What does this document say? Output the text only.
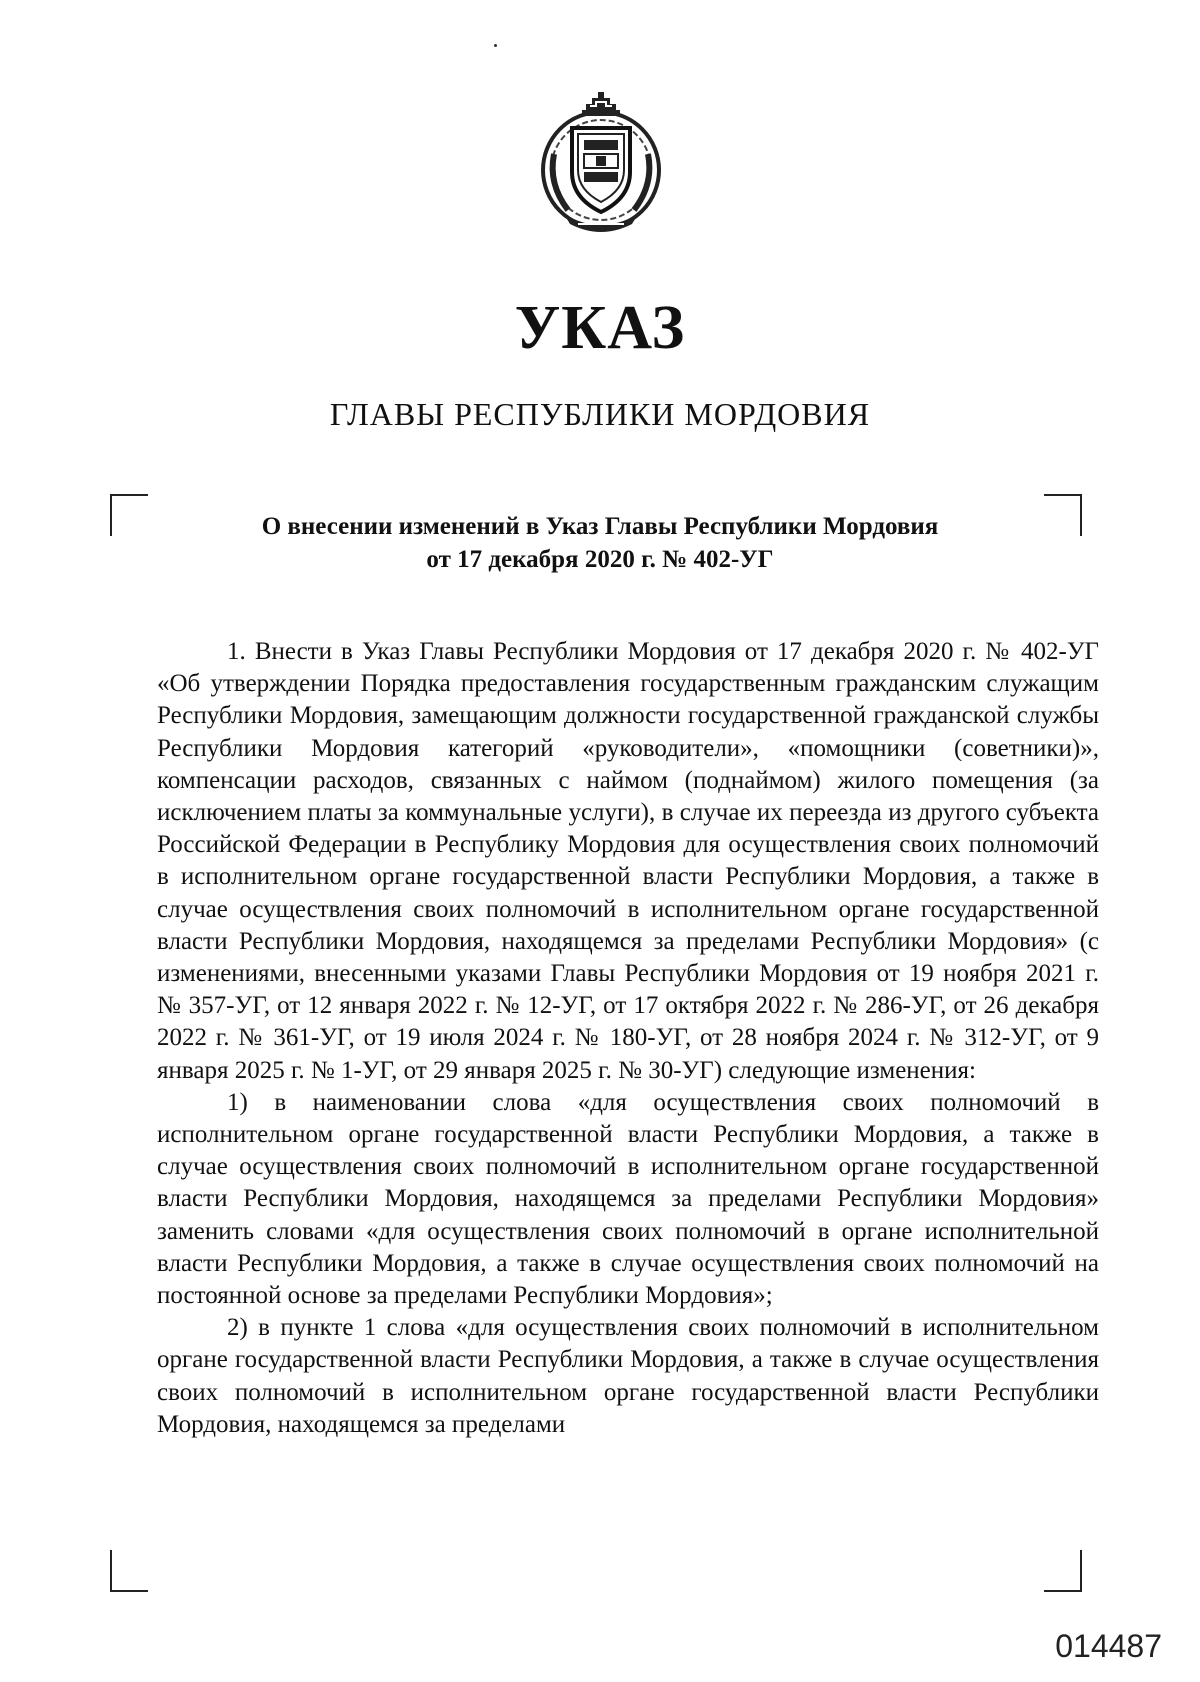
УКАЗ
ГЛАВЫ РЕСПУБЛИКИ МОРДОВИЯ
О внесении изменений в Указ Главы Республики Мордовия
от 17 декабря 2020 г. № 402-УГ

1. Внести в Указ Главы Республики Мордовия от 17 декабря 2020 г. № 402-УГ «Об утверждении Порядка предоставления государственным гражданским служащим Республики Мордовия, замещающим должности государственной гражданской службы Республики Мордовия категорий «руководители», «помощники (советники)», компенсации расходов, связанных с наймом (поднаймом) жилого помещения (за исключением платы за коммунальные услуги), в случае их переезда из другого субъекта Российской Федерации в Республику Мордовия для осуществления своих полномочий в исполнительном органе государственной власти Республики Мордовия, а также в случае осуществления своих полномочий в исполнительном органе государственной власти Республики Мордовия, находящемся за пределами Республики Мордовия» (с изменениями, внесенными указами Главы Республики Мордовия от 19 ноября 2021 г. № 357-УГ, от 12 января 2022 г. № 12-УГ, от 17 октября 2022 г. № 286-УГ, от 26 декабря 2022 г. № 361-УГ, от 19 июля 2024 г. № 180-УГ, от 28 ноября 2024 г. № 312-УГ, от 9 января 2025 г. № 1-УГ, от 29 января 2025 г. № 30-УГ) следующие изменения:

1) в наименовании слова «для осуществления своих полномочий в исполнительном органе государственной власти Республики Мордовия, а также в случае осуществления своих полномочий в исполнительном органе государственной власти Республики Мордовия, находящемся за пределами Республики Мордовия» заменить словами «для осуществления своих полномочий в органе исполнительной власти Республики Мордовия, а также в случае осуществления своих полномочий на постоянной основе за пределами Республики Мордовия»;

2) в пункте 1 слова «для осуществления своих полномочий в исполнительном органе государственной власти Республики Мордовия, а также в случае осуществления своих полномочий в исполнительном органе государственной власти Республики Мордовия, находящемся за пределами

014487
